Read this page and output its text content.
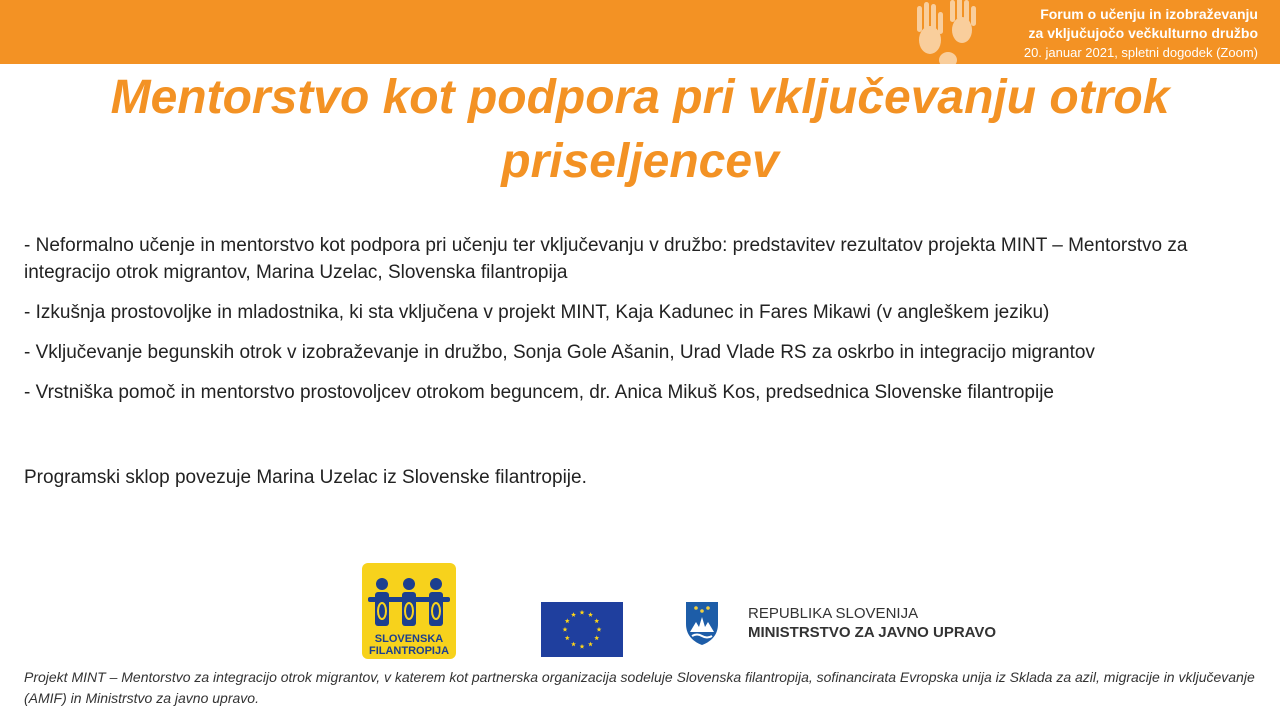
Forum o učenju in izobraževanju
za vključujočo večkulturno družbo
20. januar 2021, spletni dogodek (Zoom)
Mentorstvo kot podpora pri vključevanju otrok priseljencev
- Neformalno učenje in mentorstvo kot podpora pri učenju ter vključevanju v družbo: predstavitev rezultatov projekta MINT – Mentorstvo za integracijo otrok migrantov, Marina Uzelac, Slovenska filantropija
- Izkušnja prostovoljke in mladostnika, ki sta vključena v projekt MINT, Kaja Kadunec in Fares Mikawi (v angleškem jeziku)
- Vključevanje begunskih otrok v izobraževanje in družbo, Sonja Gole Ašanin, Urad Vlade RS za oskrbo in integracijo migrantov
- Vrstniška pomoč in mentorstvo prostovoljcev otrokom beguncem, dr. Anica Mikuš Kos, predsednica Slovenske filantropije
Programski sklop povezuje Marina Uzelac iz Slovenske filantropije.
SLOVENSKA
FILANTROPIJA
REPUBLIKA SLOVENIJA
MINISTRSTVO ZA JAVNO UPRAVO
Projekt MINT – Mentorstvo za integracijo otrok migrantov, v katerem kot partnerska organizacija sodeluje Slovenska filantropija, sofinancirata Evropska unija iz Sklada za azil, migracije in vključevanje (AMIF) in Ministrstvo za javno upravo.
